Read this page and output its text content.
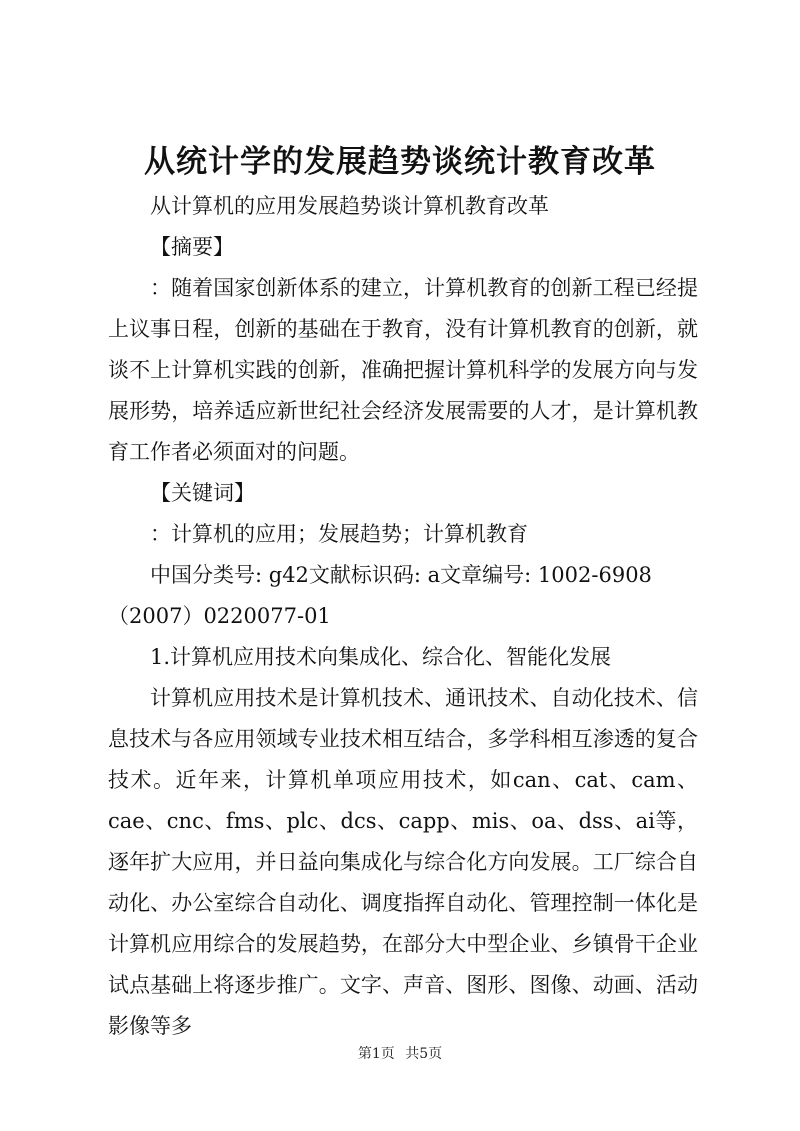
从统计学的发展趋势谈统计教育改革

从计算机的应用发展趋势谈计算机教育改革

【摘要】

：随着国家创新体系的建立，计算机教育的创新工程已经提上议事日程，创新的基础在于教育，没有计算机教育的创新，就谈不上计算机实践的创新，准确把握计算机科学的发展方向与发展形势，培养适应新世纪社会经济发展需要的人才，是计算机教育工作者必须面对的问题。

【关键词】

：计算机的应用；发展趋势；计算机教育

中国分类号: g42文献标识码: a文章编号: 1002-6908（2007）0220077-01

1.计算机应用技术向集成化、综合化、智能化发展

计算机应用技术是计算机技术、通讯技术、自动化技术、信息技术与各应用领域专业技术相互结合，多学科相互渗透的复合技术。近年来，计算机单项应用技术，如can、cat、cam、cae、cnc、fms、plc、dcs、capp、mis、oa、dss、ai等，逐年扩大应用，并日益向集成化与综合化方向发展。工厂综合自动化、办公室综合自动化、调度指挥自动化、管理控制一体化是计算机应用综合的发展趋势，在部分大中型企业、乡镇骨干企业试点基础上将逐步推广。文字、声音、图形、图像、动画、活动影像等多

第1页 共5页
